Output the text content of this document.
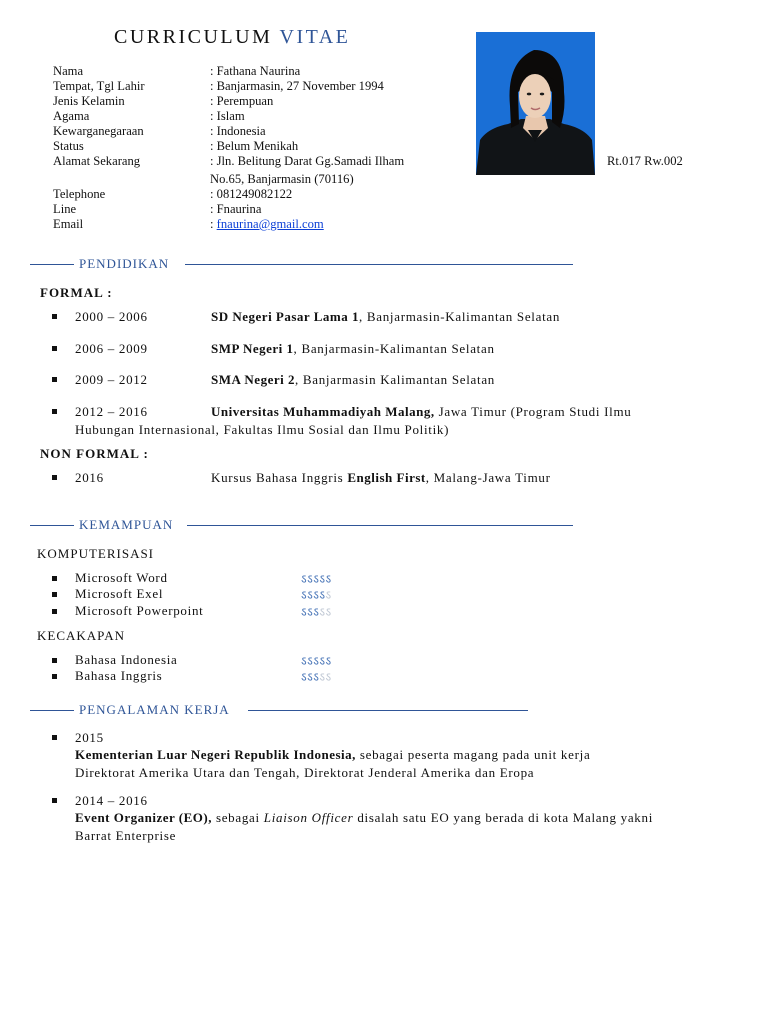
CURRICULUM VITAE
Nama	: Fathana Naurina
Tempat, Tgl Lahir	: Banjarmasin, 27 November 1994
Jenis Kelamin	: Perempuan
Agama	: Islam
Kewarganegaraan	: Indonesia
Status	: Belum Menikah
Alamat Sekarang	: Jln. Belitung Darat Gg.Samadi Ilham	Rt.017 Rw.002
No.65, Banjarmasin (70116)
Telephone	: 081249082122
Line	: Fnaurina
Email	: fnaurina@gmail.com
PENDIDIKAN
FORMAL :
2000 – 2006	SD Negeri Pasar Lama 1, Banjarmasin-Kalimantan Selatan
2006 – 2009	SMP Negeri 1, Banjarmasin-Kalimantan Selatan
2009 – 2012	SMA Negeri 2, Banjarmasin Kalimantan Selatan
2012 – 2016	Universitas Muhammadiyah Malang, Jawa Timur (Program Studi Ilmu
Hubungan Internasional, Fakultas Ilmu Sosial dan Ilmu Politik)
NON FORMAL :
2016	Kursus Bahasa Inggris English First, Malang-Jawa Timur
KEMAMPUAN
KOMPUTERISASI
Microsoft Word	ऽऽऽऽऽ
Microsoft Exel	ऽऽऽऽऽ
Microsoft Powerpoint	ऽऽऽऽऽ
KECAKAPAN
Bahasa Indonesia	ऽऽऽऽऽ
Bahasa Inggris	ऽऽऽऽऽ
PENGALAMAN KERJA
2015
Kementerian Luar Negeri Republik Indonesia, sebagai peserta magang pada unit kerja
Direktorat Amerika Utara dan Tengah, Direktorat Jenderal Amerika dan Eropa
2014 – 2016
Event Organizer (EO), sebagai Liaison Officer disalah satu EO yang berada di kota Malang yakni
Barrat Enterprise
